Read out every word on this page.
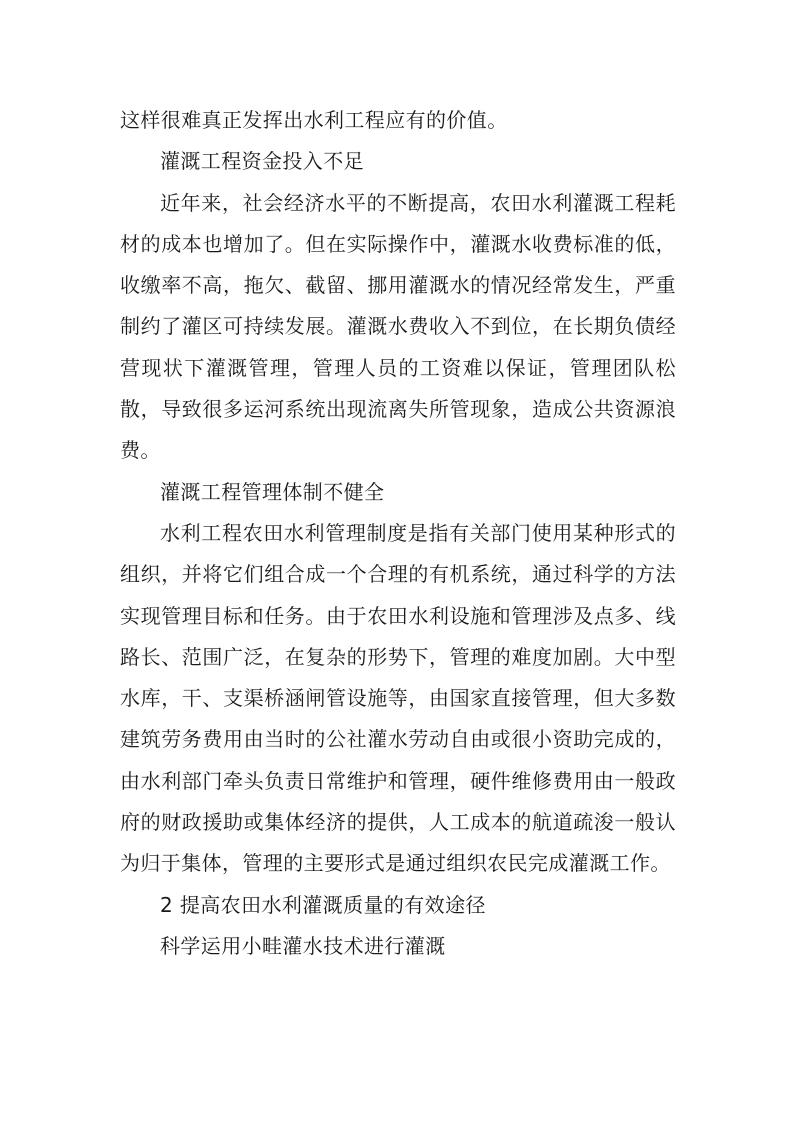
这样很难真正发挥出水利工程应有的价值。

灌溉工程资金投入不足

近年来，社会经济水平的不断提高，农田水利灌溉工程耗材的成本也增加了。但在实际操作中，灌溉水收费标准的低，收缴率不高，拖欠、截留、挪用灌溉水的情况经常发生，严重制约了灌区可持续发展。灌溉水费收入不到位，在长期负债经营现状下灌溉管理，管理人员的工资难以保证，管理团队松散，导致很多运河系统出现流离失所管现象，造成公共资源浪费。

灌溉工程管理体制不健全

水利工程农田水利管理制度是指有关部门使用某种形式的组织，并将它们组合成一个合理的有机系统，通过科学的方法实现管理目标和任务。由于农田水利设施和管理涉及点多、线路长、范围广泛，在复杂的形势下，管理的难度加剧。大中型水库，干、支渠桥涵闸管设施等，由国家直接管理，但大多数建筑劳务费用由当时的公社灌水劳动自由或很小资助完成的，由水利部门牵头负责日常维护和管理，硬件维修费用由一般政府的财政援助或集体经济的提供，人工成本的航道疏浚一般认为归于集体，管理的主要形式是通过组织农民完成灌溉工作。

2 提高农田水利灌溉质量的有效途径

科学运用小畦灌水技术进行灌溉
